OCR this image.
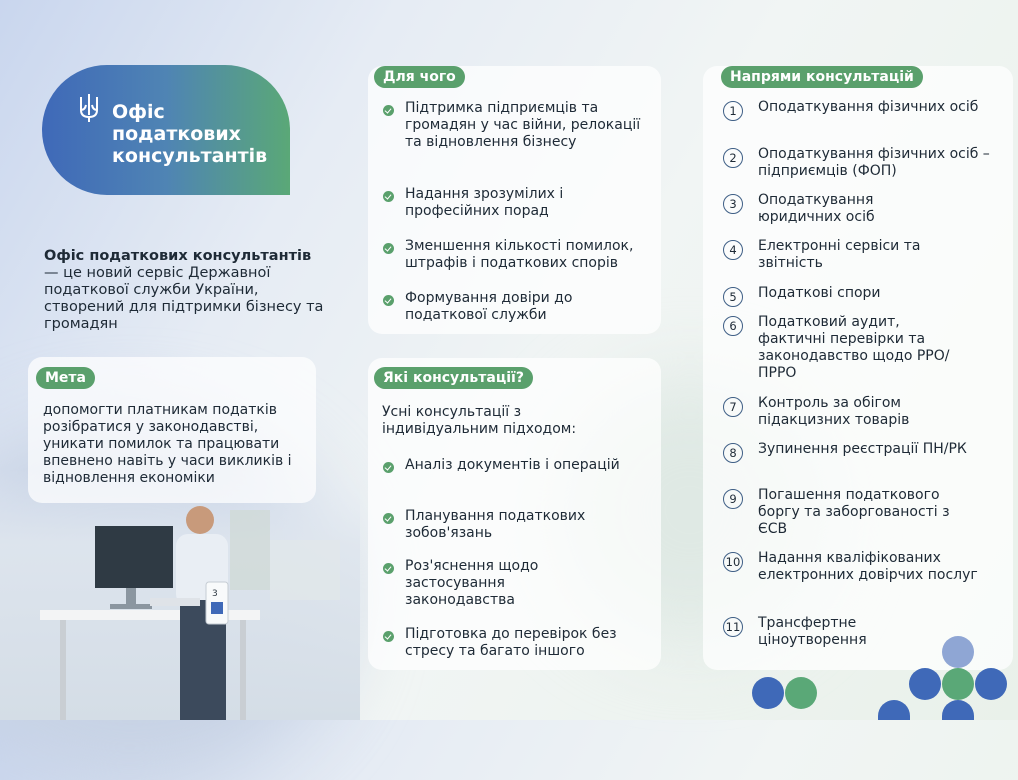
3
Офіс
податкових
консультантів
Офіс податкових консультантів — це новий сервіс Державної податкової служби України, створений для підтримки бізнесу та громадян
Мета
допомогти платникам податків розібратися у законодавстві, уникати помилок та працювати впевнено навіть у часи викликів і відновлення економіки
Для чого
Підтримка підприємців та громадян у час війни, релокації та відновлення бізнесу
Надання зрозумілих і професійних порад
Зменшення кількості помилок, штрафів і податкових спорів
Формування довіри до податкової служби
Які консультації?
Усні консультації з індивідуальним підходом:
Аналіз документів і операцій
Планування податкових зобов'язань
Роз'яснення щодо застосування законодавства
Підготовка до перевірок без стресу та багато іншого
Напрями консультацій
1	Оподаткування фізичних осіб
2	Оподаткування фізичних осіб – підприємців (ФОП)
3	Оподаткування юридичних осіб
4	Електронні сервіси та звітність
5	Податкові спори
6	Податковий аудит, фактичні перевірки та законодавство щодо РРО/ПРРО
7	Контроль за обігом підакцизних товарів
8	Зупинення реєстрації ПН/РК
9	Погашення податкового боргу та заборгованості з ЄСВ
10 Надання кваліфікованих електронних довірчих послуг
11 Трансфертне ціноутворення
